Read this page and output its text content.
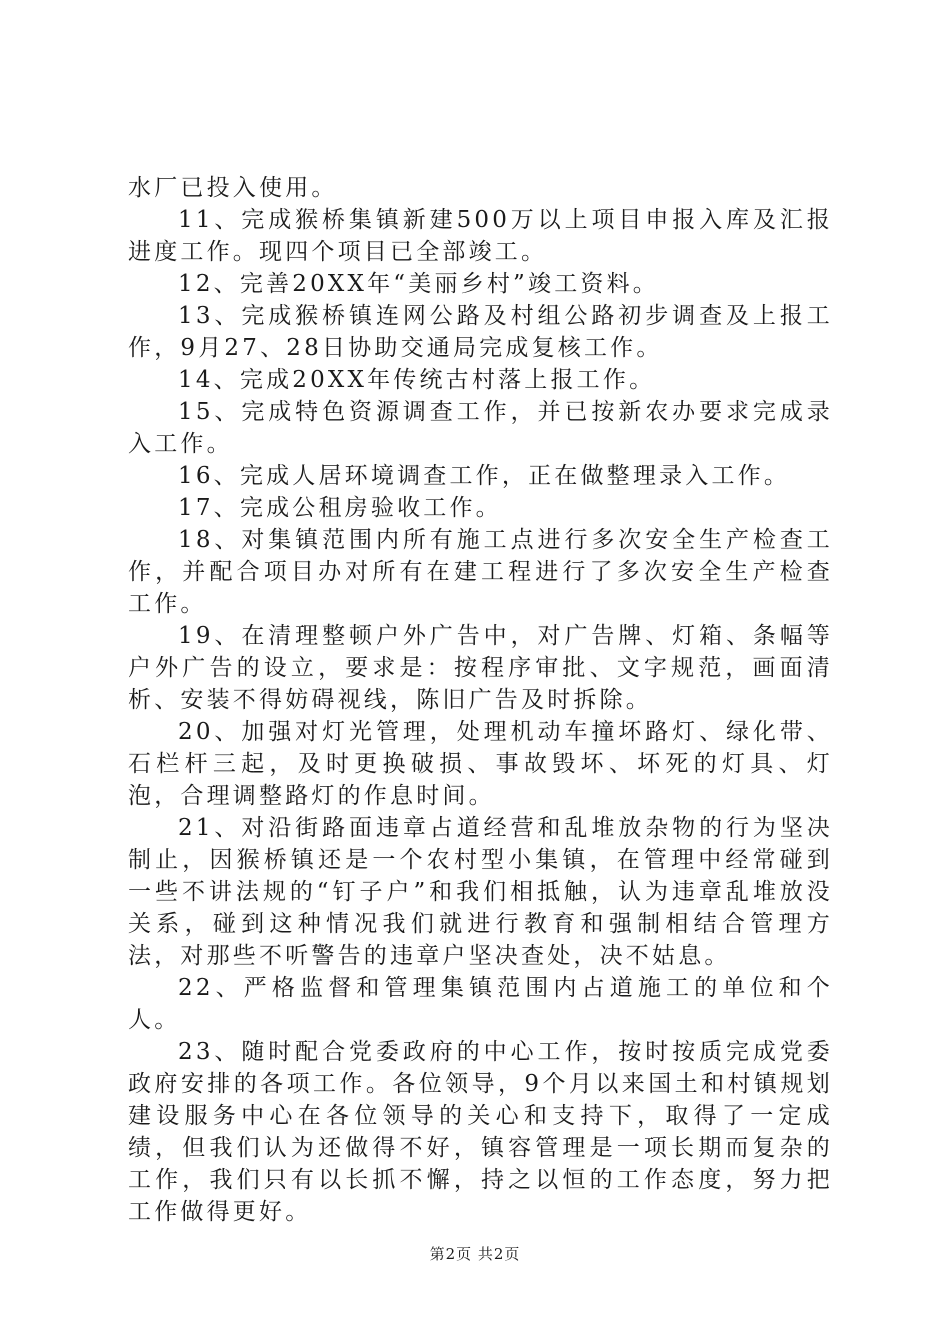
水厂已投入使用。

11、完成猴桥集镇新建500万以上项目申报入库及汇报进度工作。现四个项目已全部竣工。

12、完善20XX年“美丽乡村”竣工资料。

13、完成猴桥镇连网公路及村组公路初步调查及上报工作，9月27、28日协助交通局完成复核工作。

14、完成20XX年传统古村落上报工作。

15、完成特色资源调查工作，并已按新农办要求完成录入工作。

16、完成人居环境调查工作，正在做整理录入工作。

17、完成公租房验收工作。

18、对集镇范围内所有施工点进行多次安全生产检查工作，并配合项目办对所有在建工程进行了多次安全生产检查工作。

19、在清理整顿户外广告中，对广告牌、灯箱、条幅等户外广告的设立，要求是：按程序审批、文字规范，画面清析、安装不得妨碍视线，陈旧广告及时拆除。

20、加强对灯光管理，处理机动车撞坏路灯、绿化带、石栏杆三起，及时更换破损、事故毁坏、坏死的灯具、灯泡，合理调整路灯的作息时间。

21、对沿街路面违章占道经营和乱堆放杂物的行为坚决制止，因猴桥镇还是一个农村型小集镇，在管理中经常碰到一些不讲法规的“钉子户”和我们相抵触，认为违章乱堆放没关系，碰到这种情况我们就进行教育和强制相结合管理方法，对那些不听警告的违章户坚决查处，决不姑息。

22、严格监督和管理集镇范围内占道施工的单位和个人。

23、随时配合党委政府的中心工作，按时按质完成党委政府安排的各项工作。各位领导，9个月以来国土和村镇规划建设服务中心在各位领导的关心和支持下，取得了一定成绩，但我们认为还做得不好，镇容管理是一项长期而复杂的工作，我们只有以长抓不懈，持之以恒的工作态度，努力把工作做得更好。

第2页 共2页
